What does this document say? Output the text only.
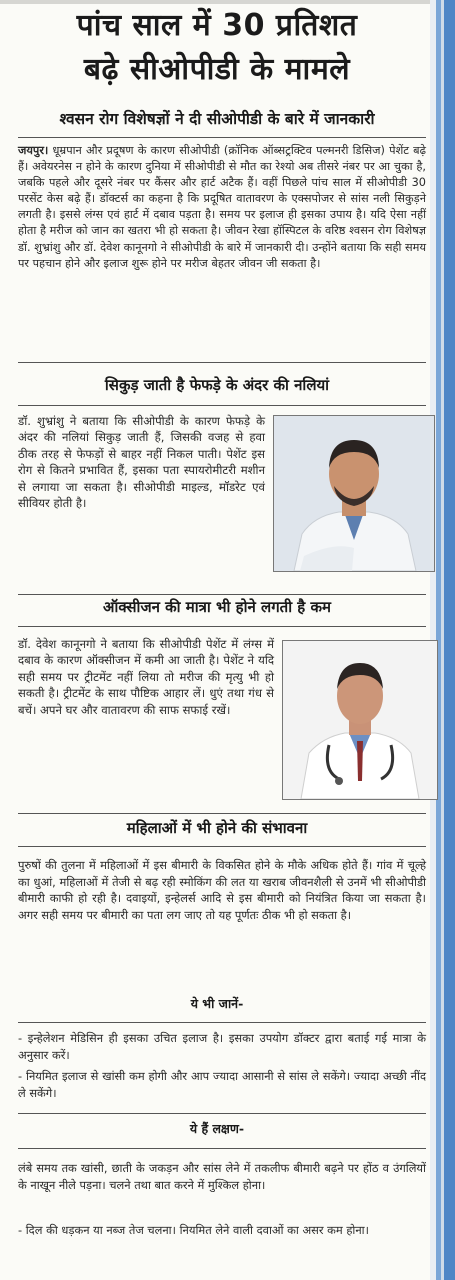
पांच साल में 30 प्रतिशत
बढ़े सीओपीडी के मामले
श्वसन रोग विशेषज्ञों ने दी सीओपीडी के बारे में जानकारी

जयपुर। धूम्रपान और प्रदूषण के कारण सीओपीडी (क्रॉनिक ऑब्सट्रक्टिव पल्मनरी डिसिज) पेशेंट बढ़े हैं। अवेयरनेस न होने के कारण दुनिया में सीओपीडी से मौत का रेश्यो अब तीसरे नंबर पर आ चुका है, जबकि पहले और दूसरे नंबर पर कैंसर और हार्ट अटैक हैं। वहीं पिछले पांच साल में सीओपीडी 30 परसेंट केस बढ़े हैं। डॉक्टर्स का कहना है कि प्रदूषित वातावरण के एक्सपोजर से सांस नली सिकुड़ने लगती है। इससे लंग्स एवं हार्ट में दबाव पड़ता है। समय पर इलाज ही इसका उपाय है। यदि ऐसा नहीं होता है मरीज को जान का खतरा भी हो सकता है। जीवन रेखा हॉस्पिटल के वरिष्ठ श्वसन रोग विशेषज्ञ डॉ. शुभ्रांशु और डॉ. देवेश कानूनगो ने सीओपीडी के बारे में जानकारी दी। उन्होंने बताया कि सही समय पर पहचान होने और इलाज शुरू होने पर मरीज बेहतर जीवन जी सकता है।

सिकुड़ जाती है फेफड़े के अंदर की नलियां

डॉ. शुभ्रांशु ने बताया कि सीओपीडी के कारण फेफड़े के अंदर की नलियां सिकुड़ जाती हैं, जिसकी वजह से हवा ठीक तरह से फेफड़ों से बाहर नहीं निकल पाती। पेशेंट इस रोग से कितने प्रभावित हैं, इसका पता स्पायरोमीटरी मशीन से लगाया जा सकता है। सीओपीडी माइल्ड, मॉडरेट एवं सीवियर होती है।

ऑक्सीजन की मात्रा भी होने लगती है कम

डॉ. देवेश कानूनगो ने बताया कि सीओपीडी पेशेंट में लंग्स में दबाव के कारण ऑक्सीजन में कमी आ जाती है। पेशेंट ने यदि सही समय पर ट्रीटमेंट नहीं लिया तो मरीज की मृत्यु भी हो सकती है। ट्रीटमेंट के साथ पौष्टिक आहार लें। धुएं तथा गंध से बचें। अपने घर और वातावरण की साफ सफाई रखें।

महिलाओं में भी होने की संभावना

पुरुषों की तुलना में महिलाओं में इस बीमारी के विकसित होने के मौके अधिक होते हैं। गांव में चूल्हे का धुआं, महिलाओं में तेजी से बढ़ रही स्मोकिंग की लत या खराब जीवनशैली से उनमें भी सीओपीडी बीमारी काफी हो रही है। दवाइयों, इन्हेलर्स आदि से इस बीमारी को नियंत्रित किया जा सकता है। अगर सही समय पर बीमारी का पता लग जाए तो यह पूर्णतः ठीक भी हो सकता है।

ये भी जानें-

- इन्हेलेशन मेडिसिन ही इसका उचित इलाज है। इसका उपयोग डॉक्टर द्वारा बताई गई मात्रा के अनुसार करें।

- नियमित इलाज से खांसी कम होगी और आप ज्यादा आसानी से सांस ले सकेंगे। ज्यादा अच्छी नींद ले सकेंगे।

ये हैं लक्षण-

लंबे समय तक खांसी, छाती के जकड़न और सांस लेने में तकलीफ बीमारी बढ़ने पर होंठ व उंगलियों के नाखून नीले पड़ना। चलने तथा बात करने में मुश्किल होना।

- दिल की धड़कन या नब्ज तेज चलना। नियमित लेने वाली दवाओं का असर कम होना।
